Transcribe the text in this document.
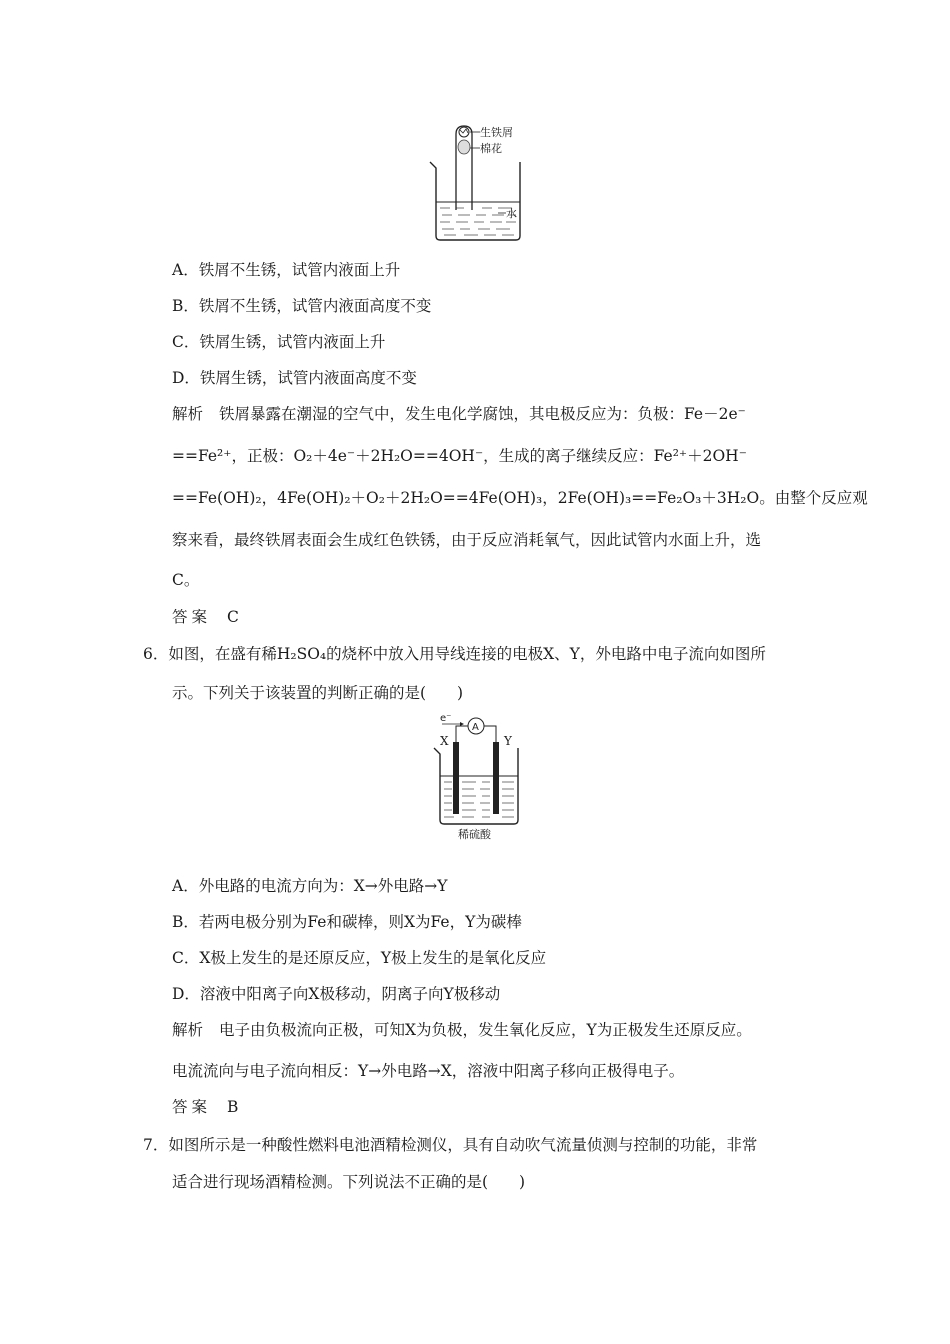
生铁屑
棉花
水
A．铁屑不生锈，试管内液面上升
B．铁屑不生锈，试管内液面高度不变
C．铁屑生锈，试管内液面上升
D．铁屑生锈，试管内液面高度不变
解析 铁屑暴露在潮湿的空气中，发生电化学腐蚀，其电极反应为：负极：Fe－2e⁻
==Fe²⁺，正极：O₂＋4e⁻＋2H₂O==4OH⁻，生成的离子继续反应：Fe²⁺＋2OH⁻
==Fe(OH)₂，4Fe(OH)₂＋O₂＋2H₂O==4Fe(OH)₃，2Fe(OH)₃==Fe₂O₃＋3H₂O。由整个反应观
察来看，最终铁屑表面会生成红色铁锈，由于反应消耗氧气，因此试管内水面上升，选
C。
答案 C
6．如图，在盛有稀H₂SO₄的烧杯中放入用导线连接的电极X、Y，外电路中电子流向如图所
示。下列关于该装置的判断正确的是(　　)
e⁻
A
X	Y
稀硫酸
A．外电路的电流方向为：X→外电路→Y
B．若两电极分别为Fe和碳棒，则X为Fe，Y为碳棒
C．X极上发生的是还原反应，Y极上发生的是氧化反应
D．溶液中阳离子向X极移动，阴离子向Y极移动
解析 电子由负极流向正极，可知X为负极，发生氧化反应，Y为正极发生还原反应。
电流流向与电子流向相反：Y→外电路→X，溶液中阳离子移向正极得电子。
答案 B
7．如图所示是一种酸性燃料电池酒精检测仪，具有自动吹气流量侦测与控制的功能，非常
适合进行现场酒精检测。下列说法不正确的是(　　)
